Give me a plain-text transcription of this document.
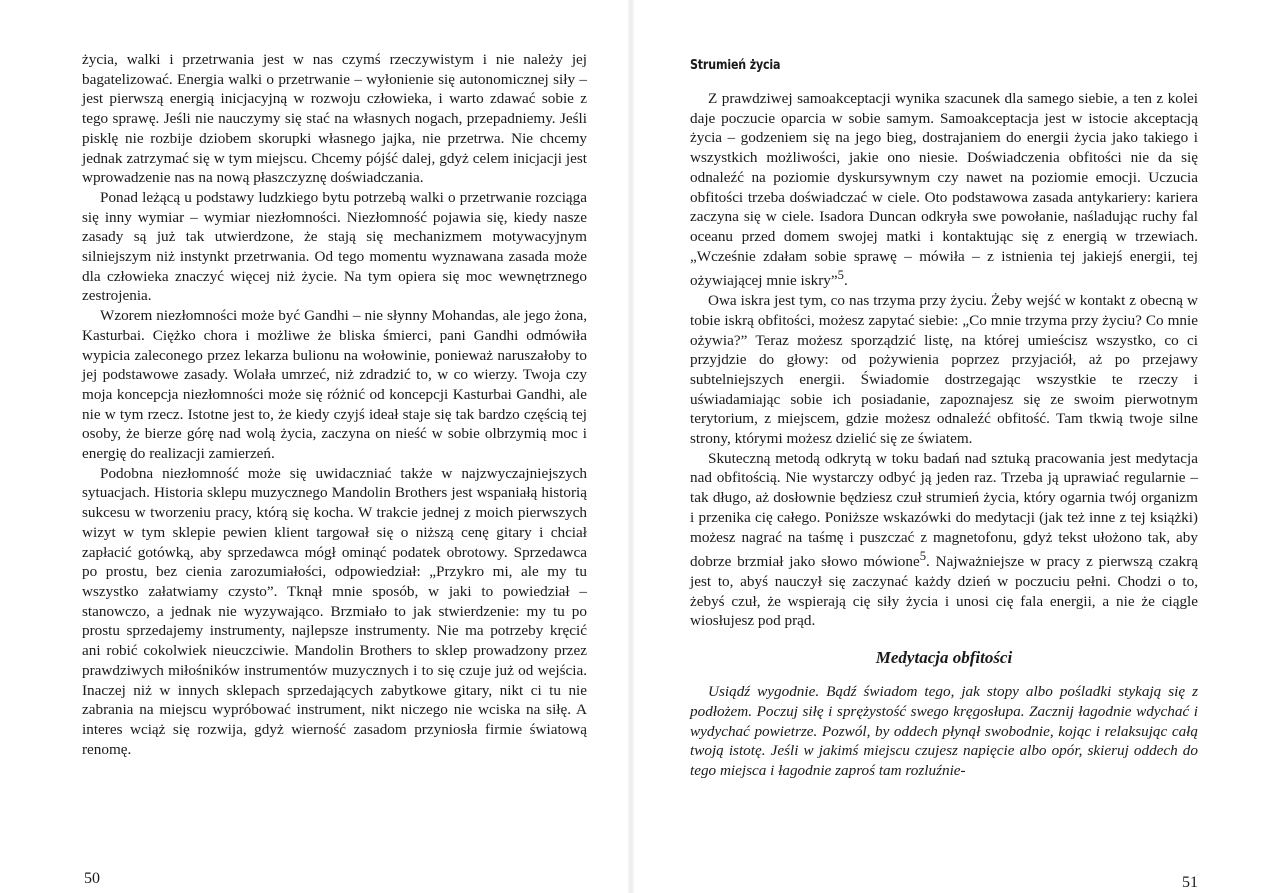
życia, walki i przetrwania jest w nas czymś rzeczywistym i nie należy jej bagatelizować. Energia walki o przetrwanie – wyłonienie się autonomicznej siły – jest pierwszą energią inicjacyjną w rozwoju człowieka, i warto zdawać sobie z tego sprawę. Jeśli nie nauczymy się stać na własnych nogach, przepadniemy. Jeśli pisklę nie rozbije dziobem skorupki własnego jajka, nie przetrwa. Nie chcemy jednak zatrzymać się w tym miejscu. Chcemy pójść dalej, gdyż celem inicjacji jest wprowadzenie nas na nową płaszczyznę doświadczania.

Ponad leżącą u podstawy ludzkiego bytu potrzebą walki o przetrwanie rozciąga się inny wymiar – wymiar niezłomności. Niezłomność pojawia się, kiedy nasze zasady są już tak utwierdzone, że stają się mechanizmem motywacyjnym silniejszym niż instynkt przetrwania. Od tego momentu wyznawana zasada może dla człowieka znaczyć więcej niż życie. Na tym opiera się moc wewnętrznego zestrojenia.

Wzorem niezłomności może być Gandhi – nie słynny Mohandas, ale jego żona, Kasturbai. Ciężko chora i możliwe że bliska śmierci, pani Gandhi odmówiła wypicia zaleconego przez lekarza bulionu na wołowinie, ponieważ naruszałoby to jej podstawowe zasady. Wolała umrzeć, niż zdradzić to, w co wierzy. Twoja czy moja koncepcja niezłomności może się różnić od koncepcji Kasturbai Gandhi, ale nie w tym rzecz. Istotne jest to, że kiedy czyjś ideał staje się tak bardzo częścią tej osoby, że bierze górę nad wolą życia, zaczyna on nieść w sobie olbrzymią moc i energię do realizacji zamierzeń.

Podobna niezłomność może się uwidaczniać także w najzwyczajniejszych sytuacjach. Historia sklepu muzycznego Mandolin Brothers jest wspaniałą historią sukcesu w tworzeniu pracy, którą się kocha. W trakcie jednej z moich pierwszych wizyt w tym sklepie pewien klient targował się o niższą cenę gitary i chciał zapłacić gotówką, aby sprzedawca mógł ominąć podatek obrotowy. Sprzedawca po prostu, bez cienia zarozumiałości, odpowiedział: „Przykro mi, ale my tu wszystko załatwiamy czysto”. Tknął mnie sposób, w jaki to powiedział – stanowczo, a jednak nie wyzywająco. Brzmiało to jak stwierdzenie: my tu po prostu sprzedajemy instrumenty, najlepsze instrumenty. Nie ma potrzeby kręcić ani robić cokolwiek nieuczciwie. Mandolin Brothers to sklep prowadzony przez prawdziwych miłośników instrumentów muzycznych i to się czuje już od wejścia. Inaczej niż w innych sklepach sprzedających zabytkowe gitary, nikt ci tu nie zabrania na miejscu wypróbować instrument, nikt niczego nie wciska na siłę. A interes wciąż się rozwija, gdyż wierność zasadom przyniosła firmie światową renomę.

50
Strumień życia

Z prawdziwej samoakceptacji wynika szacunek dla samego siebie, a ten z kolei daje poczucie oparcia w sobie samym. Samoakceptacja jest w istocie akceptacją życia – godzeniem się na jego bieg, dostrajaniem do energii życia jako takiego i wszystkich możliwości, jakie ono niesie. Doświadczenia obfitości nie da się odnaleźć na poziomie dyskursywnym czy nawet na poziomie emocji. Uczucia obfitości trzeba doświadczać w ciele. Oto podstawowa zasada antykariery: kariera zaczyna się w ciele. Isadora Duncan odkryła swe powołanie, naśladując ruchy fal oceanu przed domem swojej matki i kontaktując się z energią w trzewiach. „Wcześnie zdałam sobie sprawę – mówiła – z istnienia tej jakiejś energii, tej ożywiającej mnie iskry”$^5$.

Owa iskra jest tym, co nas trzyma przy życiu. Żeby wejść w kontakt z obecną w tobie iskrą obfitości, możesz zapytać siebie: „Co mnie trzyma przy życiu? Co mnie ożywia?” Teraz możesz sporządzić listę, na której umieścisz wszystko, co ci przyjdzie do głowy: od pożywienia poprzez przyjaciół, aż po przejawy subtelniejszych energii. Świadomie dostrzegając wszystkie te rzeczy i uświadamiając sobie ich posiadanie, zapoznajesz się ze swoim pierwotnym terytorium, z miejscem, gdzie możesz odnaleźć obfitość. Tam tkwią twoje silne strony, którymi możesz dzielić się ze światem.

Skuteczną metodą odkrytą w toku badań nad sztuką pracowania jest medytacja nad obfitością. Nie wystarczy odbyć ją jeden raz. Trzeba ją uprawiać regularnie – tak długo, aż dosłownie będziesz czuł strumień życia, który ogarnia twój organizm i przenika cię całego. Poniższe wskazówki do medytacji (jak też inne z tej książki) możesz nagrać na taśmę i puszczać z magnetofonu, gdyż tekst ułożono tak, aby dobrze brzmiał jako słowo mówione$^5$. Najważniejsze w pracy z pierwszą czakrą jest to, abyś nauczył się zaczynać każdy dzień w poczuciu pełni. Chodzi o to, żebyś czuł, że wspierają cię siły życia i unosi cię fala energii, a nie że ciągle wiosłujesz pod prąd.

Medytacja obfitości

Usiądź wygodnie. Bądź świadom tego, jak stopy albo pośladki stykają się z podłożem. Poczuj siłę i sprężystość swego kręgosłupa. Zacznij łagodnie wdychać i wydychać powietrze. Pozwól, by oddech płynął swobodnie, kojąc i relaksując całą twoją istotę. Jeśli w jakimś miejscu czujesz napięcie albo opór, skieruj oddech do tego miejsca i łagodnie zaproś tam rozluźnie-

51
